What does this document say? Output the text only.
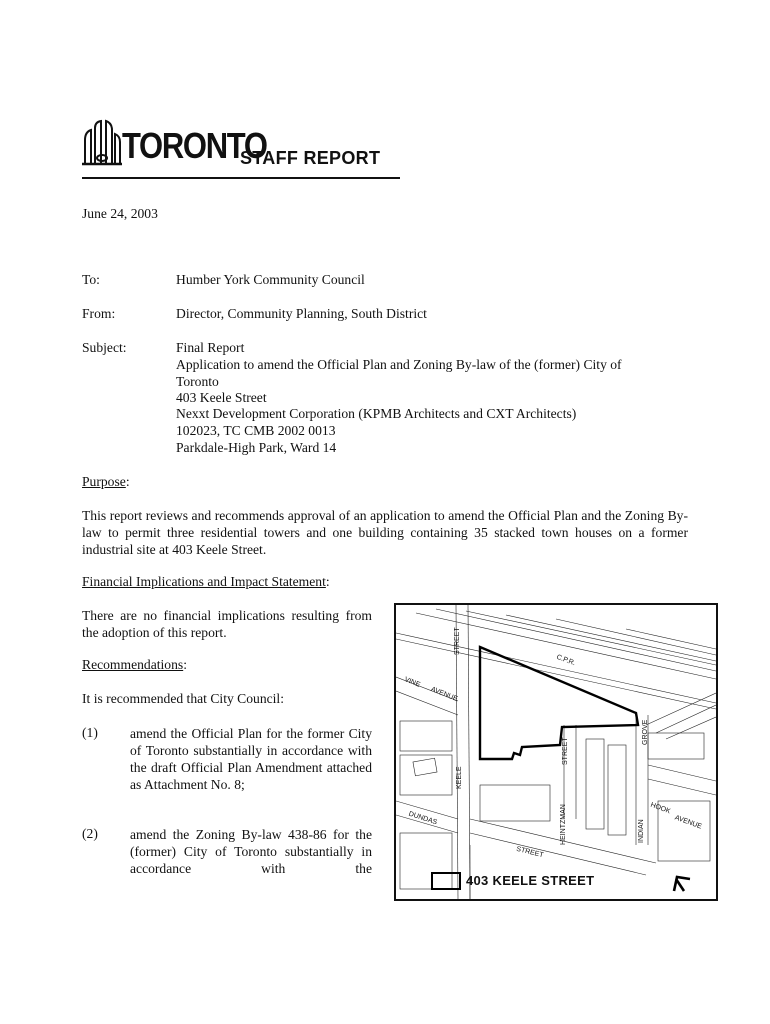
TORONTO
STAFF REPORT
June 24, 2003
To:	Humber York Community Council
From:	Director, Community Planning, South District
Subject:	Final Report
Application to amend the Official Plan and Zoning By-law of the (former) City of
Toronto
403 Keele Street
Nexxt Development Corporation (KPMB Architects and CXT Architects)
102023, TC CMB 2002 0013
Parkdale-High Park, Ward 14
Purpose:
This report reviews and recommends approval of an application to amend the Official Plan and the Zoning By-law to permit three residential towers and one building containing 35 stacked town houses on a former industrial site at 403 Keele Street.
Financial Implications and Impact Statement:
There are no financial implications resulting from the adoption of this report.
Recommendations:
It is recommended that City Council:
(1) amend the Official Plan for the former City of Toronto substantially in accordance with the draft Official Plan Amendment attached as Attachment No. 8;
(2) amend the Zoning By-law 438-86 for the (former) City of Toronto substantially in accordance with the
C.P.R.
STREET
KEELE
VINE
AVENUE
GROVE
HEINTZMAN
STREET
HOOK
AVENUE
INDIAN
DUNDAS
STREET
403 KEELE STREET
